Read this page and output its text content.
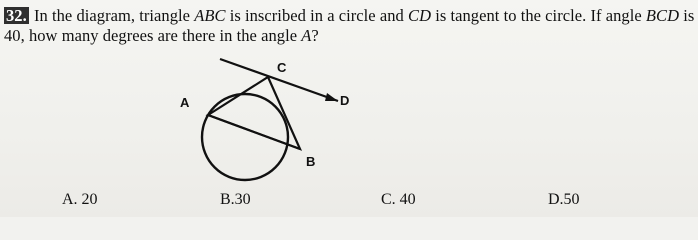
32. In the diagram, triangle ABC is inscribed in a circle and CD is tangent to the circle. If angle BCD is 40, how many degrees are there in the angle A?
A
C
D
B
A. 20	B.30	C. 40	D.50
